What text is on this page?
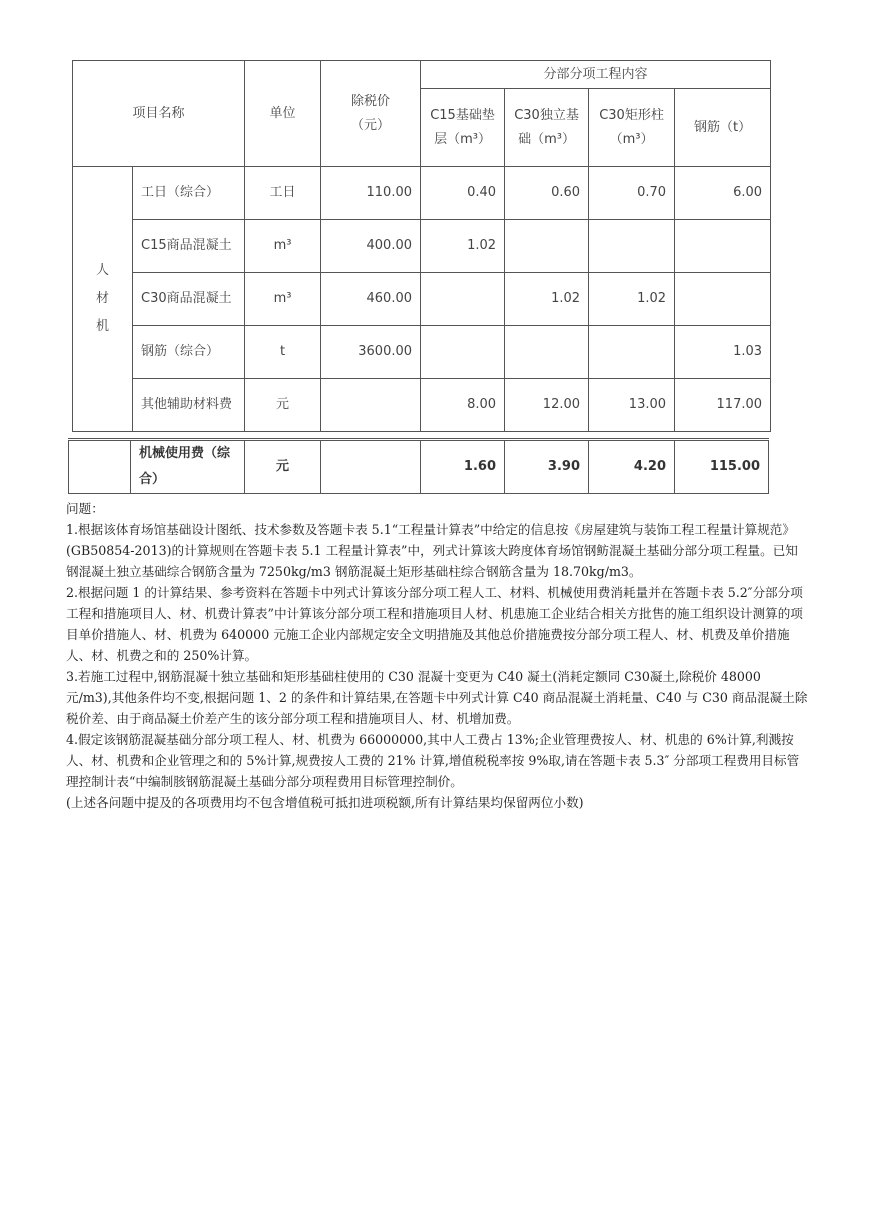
项目名称		单位	除税价（元）	分部分项工程内容			
				C15基础垫层（m³）	C30独立基础（m³）	C30矩形柱（m³）	钢筋（t）
人材机	工日（综合）	工日	110.00	0.40	0.60	0.70	6.00
	C15商品混凝土	m³	400.00	1.02			
	C30商品混凝土	m³	460.00		1.02	1.02	
	钢筋（综合）	t	3600.00				1.03
	其他辅助材料费	元		8.00	12.00	13.00	117.00
	机械使用费（综合）	元		1.60	3.90	4.20	115.00

问题：

1.根据该体育场馆基础设计图纸、技术参数及答题卡表 5.1“工程量计算表”中给定的信息按《房屋建筑与装饰工程工程量计算规范》(GB50854-2013)的计算规则在答题卡表 5.1 工程量计算表”中，列式计算该大跨度体育场馆钢鲂混凝土基础分部分项工程量。已知钢混凝土独立基础综合钢筋含量为 7250kg/m3 钢筋混凝土矩形基础柱综合钢筋含量为 18.70kg/m3。

2.根据问题 1 的计算结果、参考资料在答题卡中列式计算该分部分项工程人工、材料、机械使用费消耗量并在答题卡表 5.2″分部分项工程和措施项目人、材、机费计算表”中计算该分部分项工程和措施项目人材、机患施工企业结合相关方批售的施工组织设计测算的项目单价措施人、材、机费为 640000 元施工企业内部规定安全文明措施及其他总价措施费按分部分项工程人、材、机费及单价措施人、材、机费之和的 250%计算。

3.若施工过程中,钢筋混凝十独立基础和矩形基础柱使用的 C30 混凝十变更为 C40 凝土(消耗定额同 C30凝土,除税价 48000 元/m3),其他条件均不变,根据问题 1、2 的条件和计算结果,在答题卡中列式计算 C40 商品混凝土消耗量、C40 与 C30 商品混凝土除税价差、由于商品凝土价差产生的该分部分项工程和措施项目人、材、机增加费。

4.假定该钢筋混凝基础分部分项工程人、材、机费为 66000000,其中人工费占 13%;企业管理费按人、材、机患的 6%计算,利溅按人、材、机费和企业管理之和的 5%计算,规费按人工费的 21% 计算,增值税税率按 9%取,请在答题卡表 5.3″ 分部项工程费用目标管理控制计表“中编制胲钢筋混凝土基础分部分项程费用目标管理控制价。

(上述各问题中提及的各项费用均不包含增值税可抵扣进项税额,所有计算结果均保留两位小数)
